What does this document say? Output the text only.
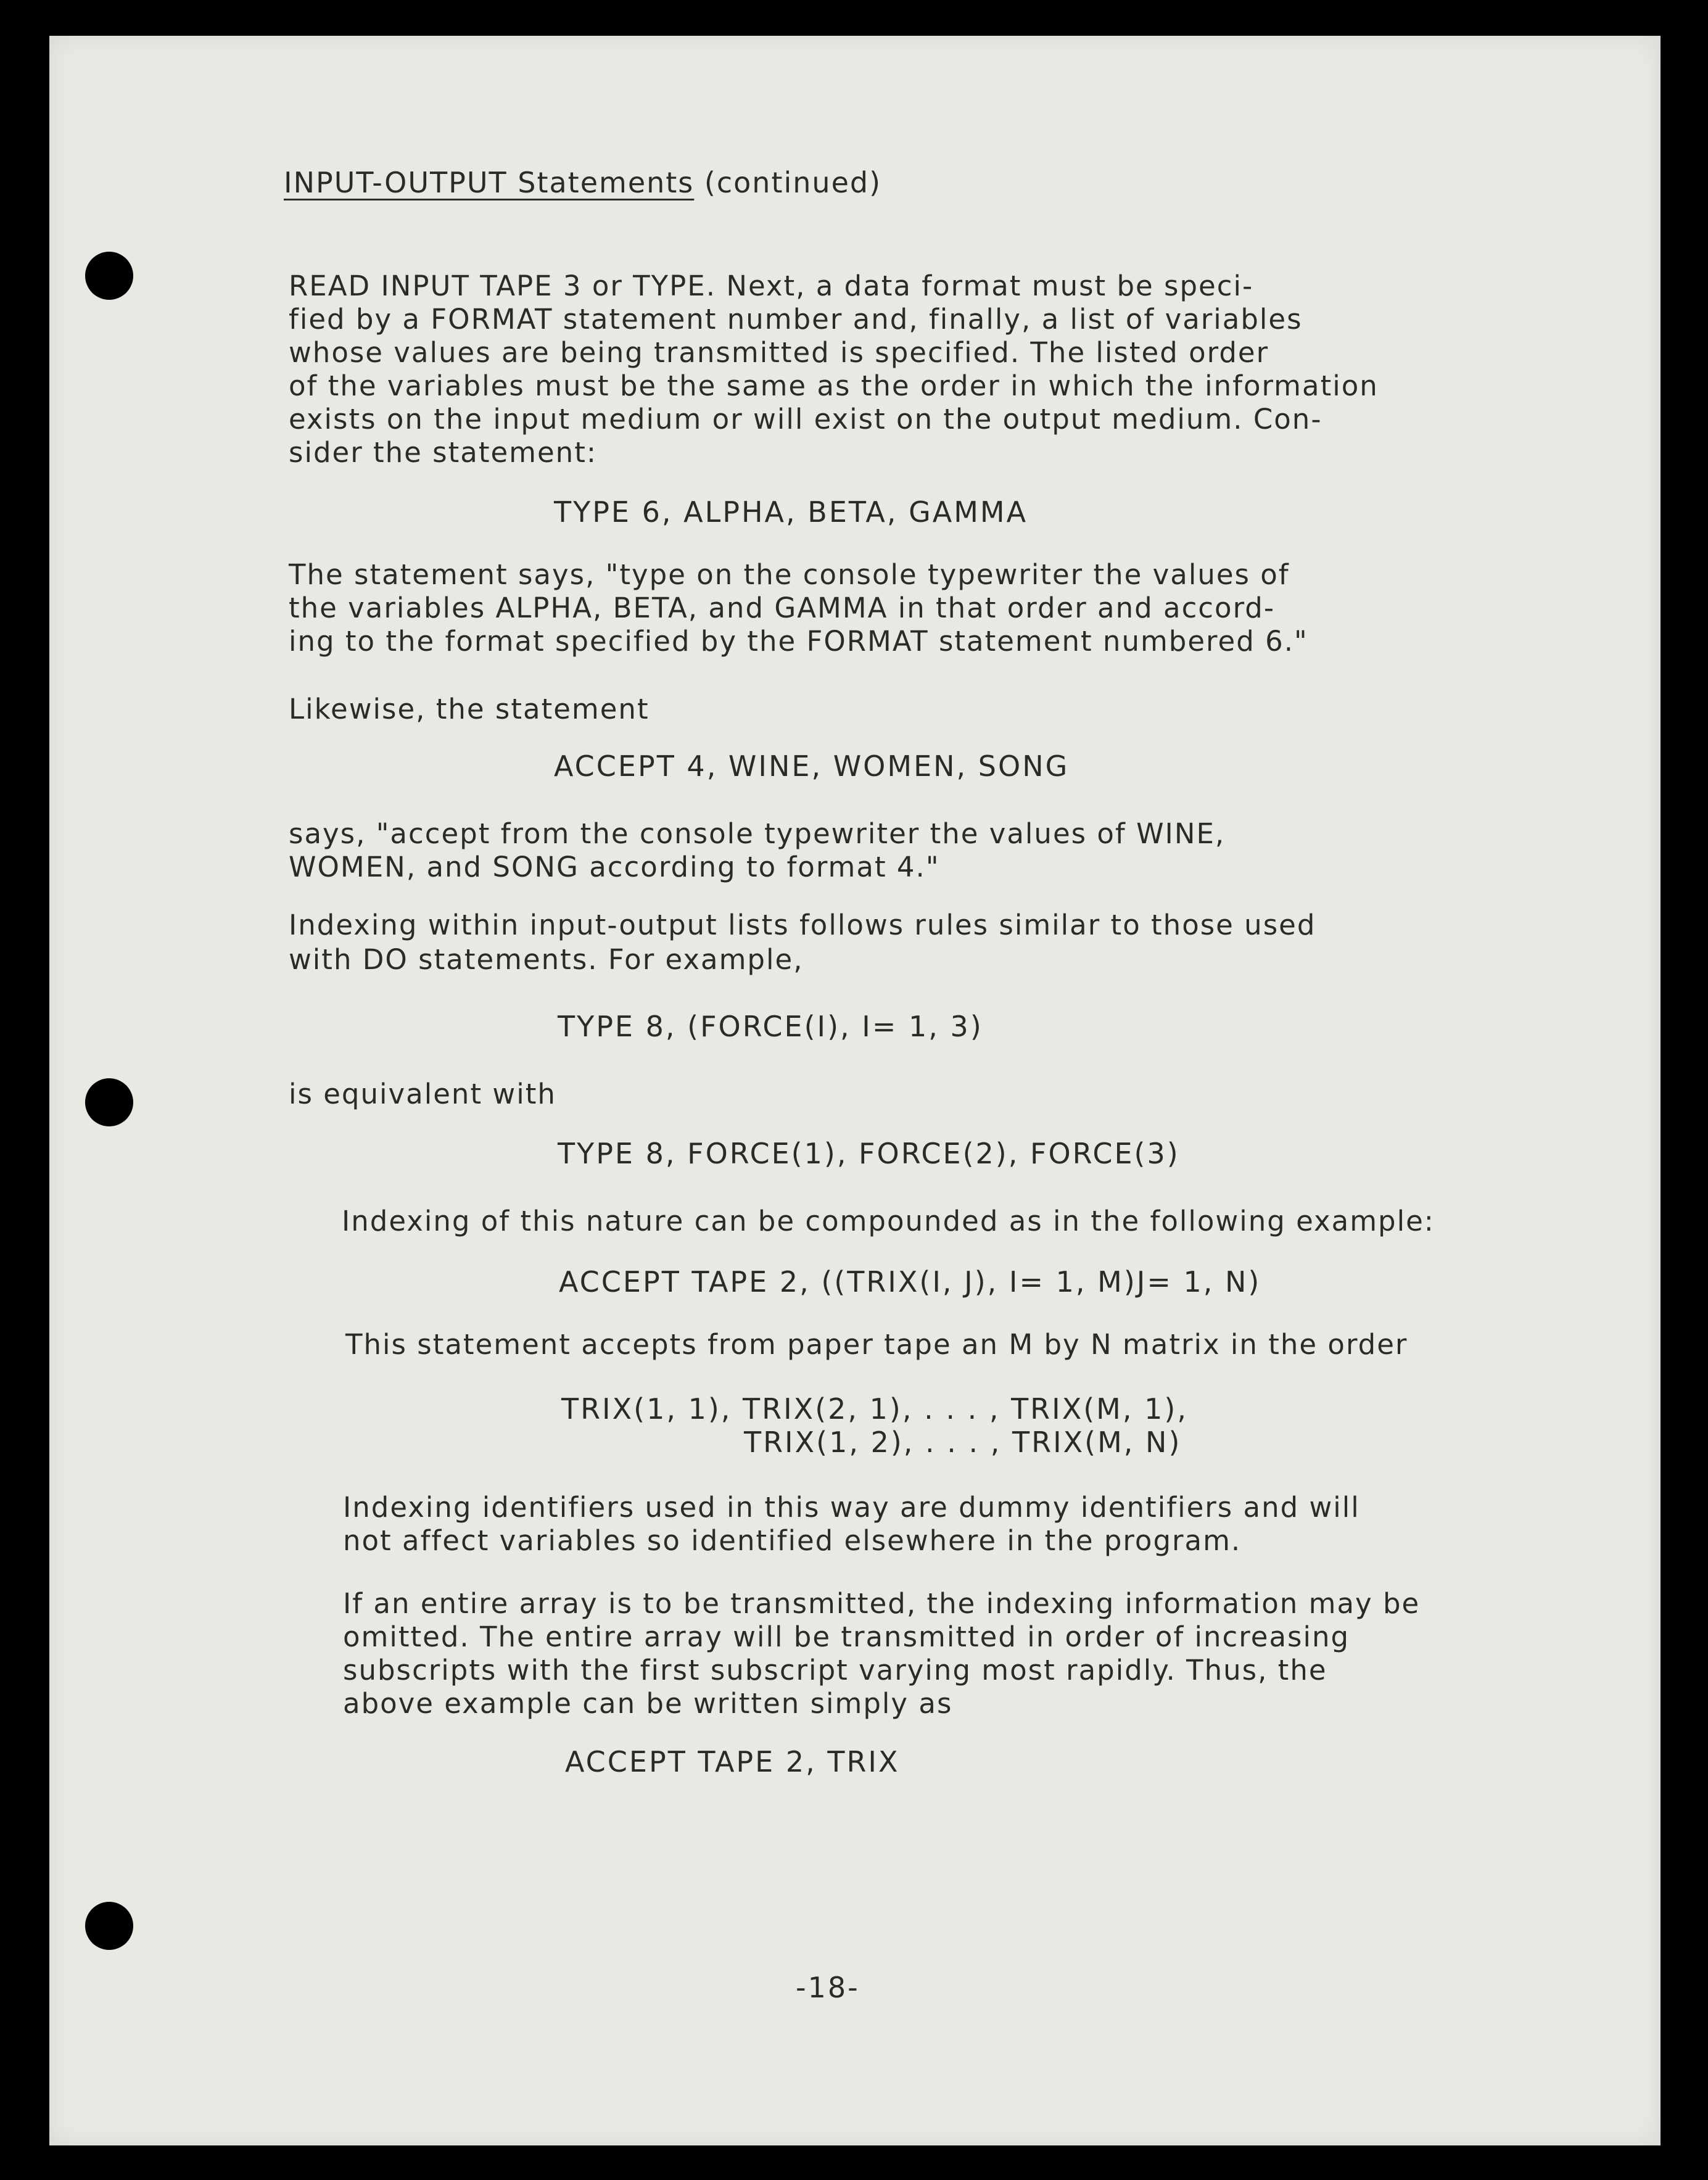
INPUT-OUTPUT Statements (continued)
READ INPUT TAPE 3 or TYPE. Next, a data format must be speci-
fied by a FORMAT statement number and, finally, a list of variables
whose values are being transmitted is specified. The listed order
of the variables must be the same as the order in which the information
exists on the input medium or will exist on the output medium. Con-
sider the statement:
TYPE 6, ALPHA, BETA, GAMMA
The statement says, "type on the console typewriter the values of
the variables ALPHA, BETA, and GAMMA in that order and accord-
ing to the format specified by the FORMAT statement numbered 6."
Likewise, the statement
ACCEPT 4, WINE, WOMEN, SONG
says, "accept from the console typewriter the values of WINE,
WOMEN, and SONG according to format 4."
Indexing within input-output lists follows rules similar to those used
with DO statements. For example,
TYPE 8, (FORCE(I), I= 1, 3)
is equivalent with
TYPE 8, FORCE(1), FORCE(2), FORCE(3)
Indexing of this nature can be compounded as in the following example:
ACCEPT TAPE 2, ((TRIX(I, J), I= 1, M)J= 1, N)
This statement accepts from paper tape an M by N matrix in the order
TRIX(1, 1), TRIX(2, 1), . . . , TRIX(M, 1),
TRIX(1, 2), . . . , TRIX(M, N)
Indexing identifiers used in this way are dummy identifiers and will
not affect variables so identified elsewhere in the program.
If an entire array is to be transmitted, the indexing information may be
omitted. The entire array will be transmitted in order of increasing
subscripts with the first subscript varying most rapidly. Thus, the
above example can be written simply as
ACCEPT TAPE 2, TRIX
-18-
